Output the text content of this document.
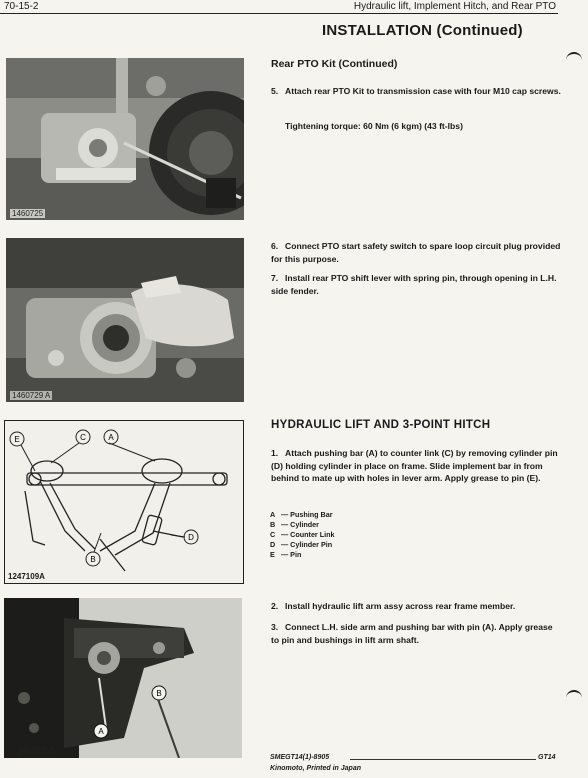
70-15-2	Hydraulic lift, Implement Hitch, and Rear PTO
INSTALLATION (Continued)
1460725
Rear PTO Kit (Continued)
5. Attach rear PTO Kit to transmission case with four M10 cap screws.
Tightening torque: 60 Nm (6 kgm) (43 ft-lbs)
1460729 A
6. Connect PTO start safety switch to spare loop circuit plug provided for this purpose.
7. Install rear PTO shift lever with spring pin, through opening in L.H. side fender.
E	C	A
D
B
1247109A
HYDRAULIC LIFT AND 3-POINT HITCH
1. Attach pushing bar (A) to counter link (C) by removing cylinder pin (D) holding cylinder in place on frame. Slide implement bar in from behind to mate up with holes in lever arm. Apply grease to pin (E).
A — Pushing Bar
B — Cylinder
C — Counter Link
D — Cylinder Pin
E — Pin
B
A
1460735A
2. Install hydraulic lift arm assy across rear frame member.
3. Connect L.H. side arm and pushing bar with pin (A). Apply grease to pin and bushings in lift arm shaft.
SMEGT14(1)-8905	GT14
Kinomoto, Printed in Japan
